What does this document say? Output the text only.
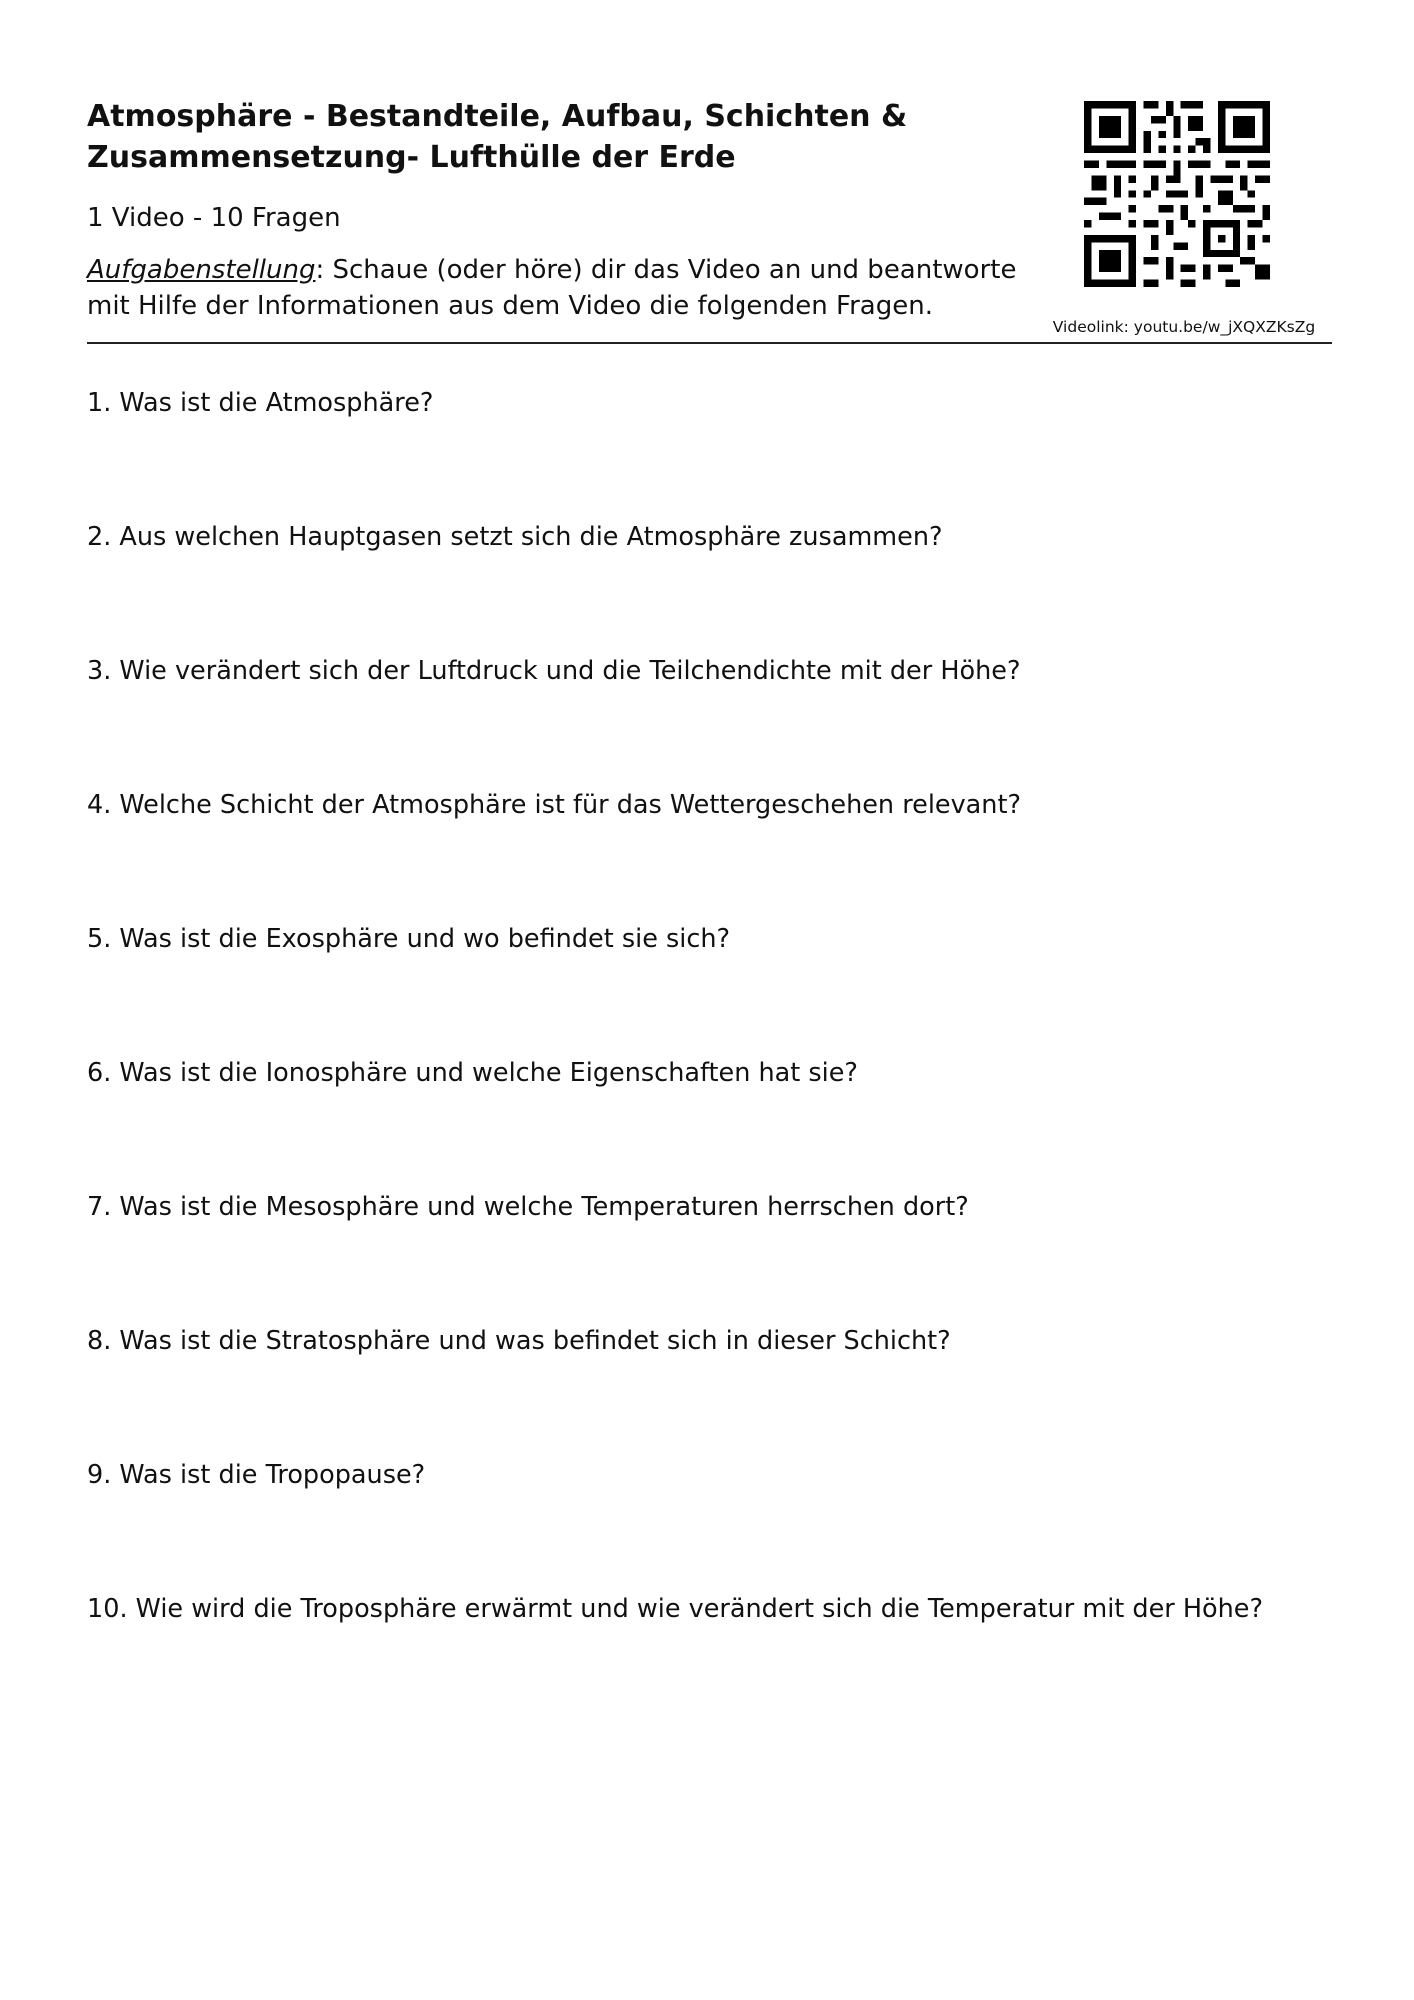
Atmosphäre - Bestandteile, Aufbau, Schichten &
Zusammensetzung- Lufthülle der Erde
1 Video - 10 Fragen
Aufgabenstellung: Schaue (oder höre) dir das Video an und beantworte mit Hilfe der Informationen aus dem Video die folgenden Fragen.
Videolink: youtu.be/w_jXQXZKsZg
1. Was ist die Atmosphäre?
2. Aus welchen Hauptgasen setzt sich die Atmosphäre zusammen?
3. Wie verändert sich der Luftdruck und die Teilchendichte mit der Höhe?
4. Welche Schicht der Atmosphäre ist für das Wettergeschehen relevant?
5. Was ist die Exosphäre und wo befindet sie sich?
6. Was ist die Ionosphäre und welche Eigenschaften hat sie?
7. Was ist die Mesosphäre und welche Temperaturen herrschen dort?
8. Was ist die Stratosphäre und was befindet sich in dieser Schicht?
9. Was ist die Tropopause?
10. Wie wird die Troposphäre erwärmt und wie verändert sich die Temperatur mit der Höhe?
